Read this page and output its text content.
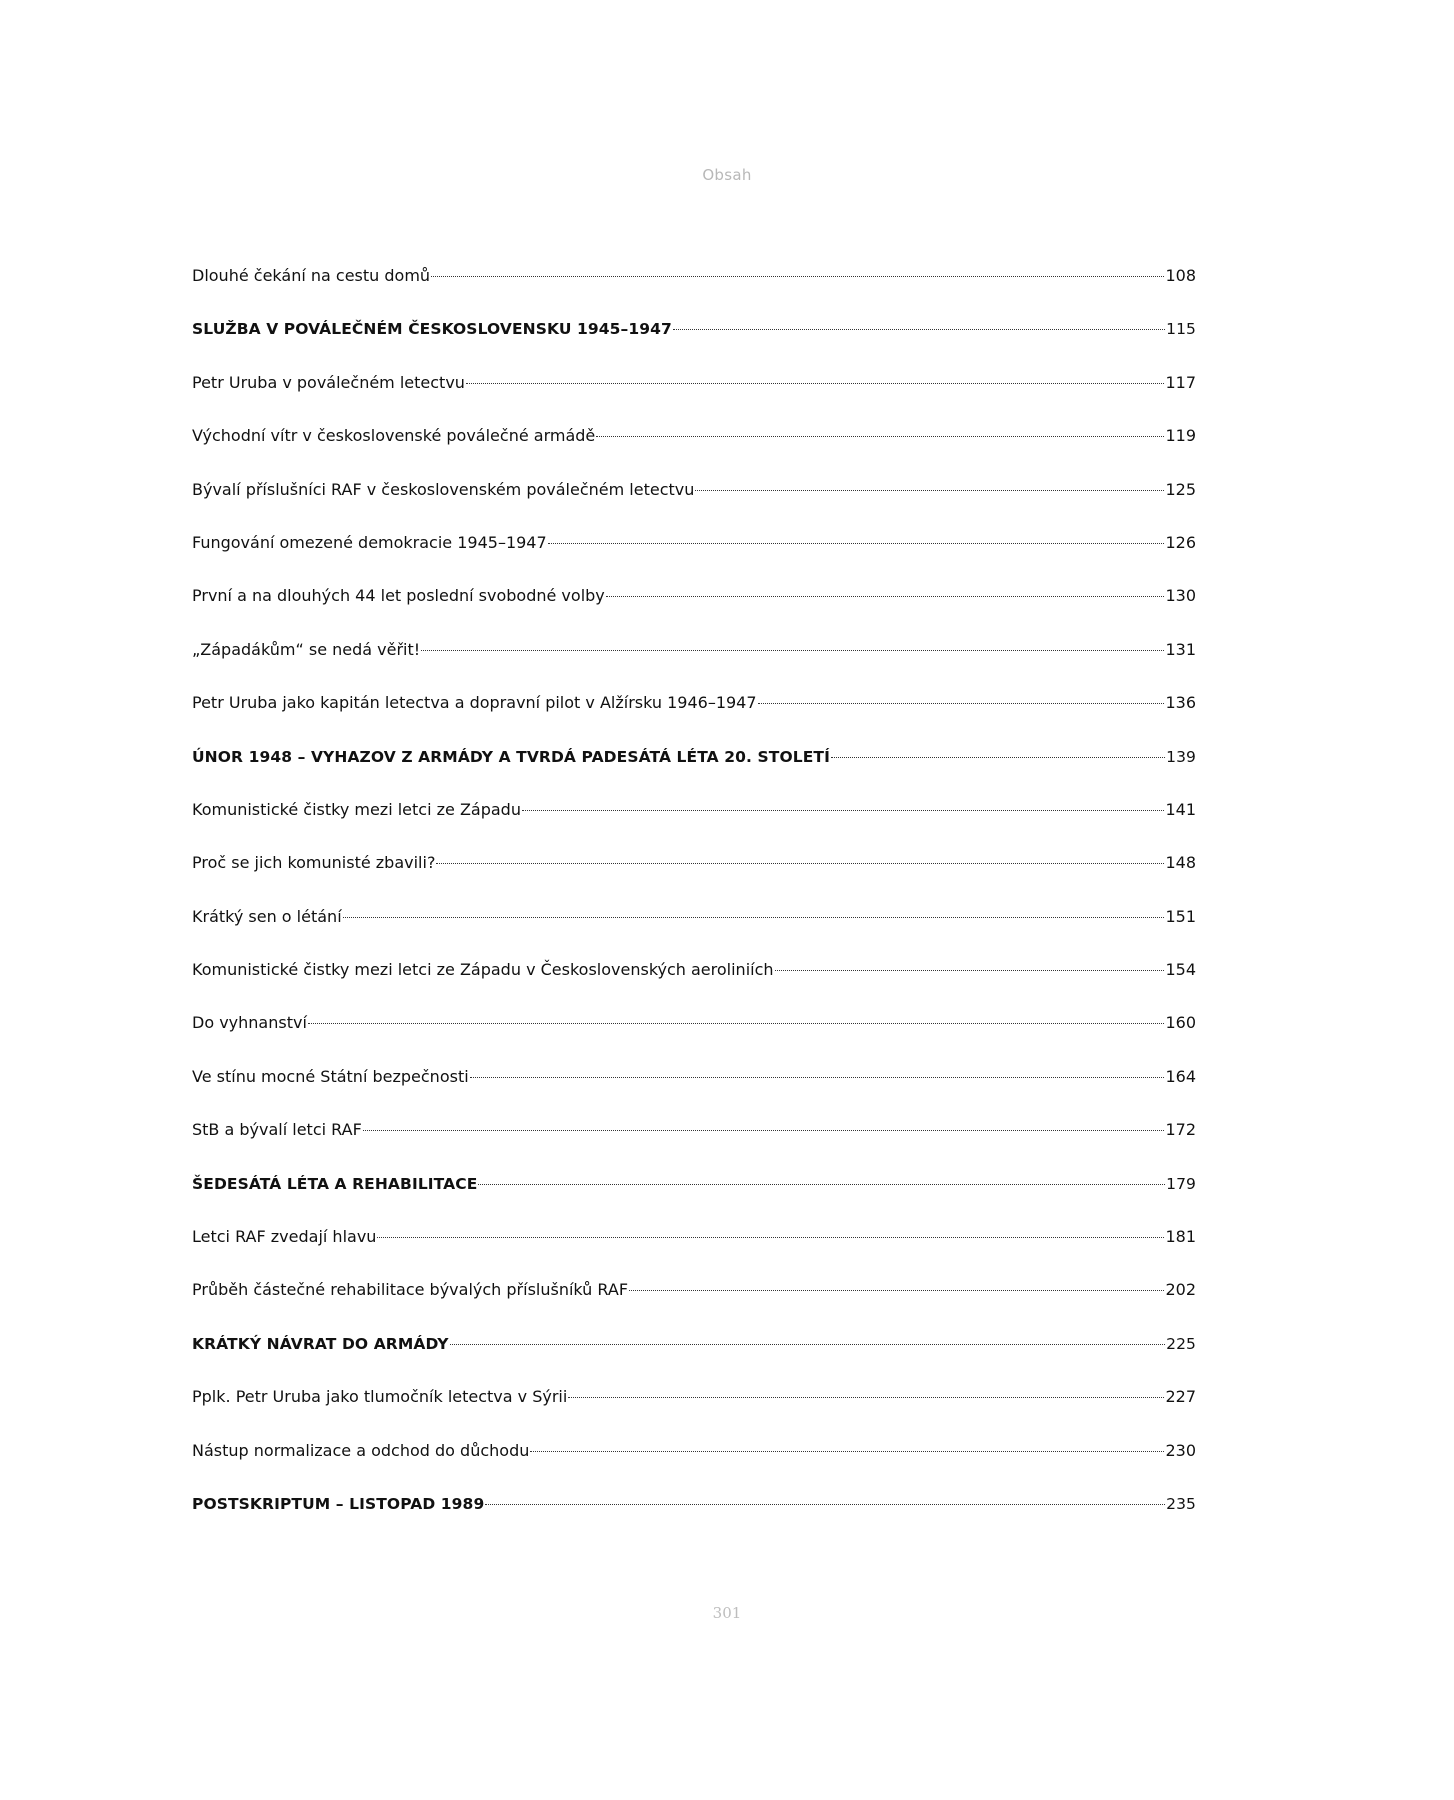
Obsah
Dlouhé čekání na cestu domů	108
SLUŽBA V POVÁLEČNÉM ČESKOSLOVENSKU 1945–1947	115
Petr Uruba v poválečném letectvu	117
Východní vítr v československé poválečné armádě	119
Bývalí příslušníci RAF v československém poválečném letectvu	125
Fungování omezené demokracie 1945–1947	126
První a na dlouhých 44 let poslední svobodné volby	130
„Západákům“ se nedá věřit!	131
Petr Uruba jako kapitán letectva a dopravní pilot v Alžírsku 1946–1947	136
ÚNOR 1948 – VYHAZOV Z ARMÁDY A TVRDÁ PADESÁTÁ LÉTA 20. STOLETÍ	139
Komunistické čistky mezi letci ze Západu	141
Proč se jich komunisté zbavili?	148
Krátký sen o létání	151
Komunistické čistky mezi letci ze Západu v Československých aeroliniích	154
Do vyhnanství	160
Ve stínu mocné Státní bezpečnosti	164
StB a bývalí letci RAF	172
ŠEDESÁTÁ LÉTA A REHABILITACE	179
Letci RAF zvedají hlavu	181
Průběh částečné rehabilitace bývalých příslušníků RAF	202
KRÁTKÝ NÁVRAT DO ARMÁDY	225
Pplk. Petr Uruba jako tlumočník letectva v Sýrii	227
Nástup normalizace a odchod do důchodu	230
POSTSKRIPTUM – LISTOPAD 1989	235
301
